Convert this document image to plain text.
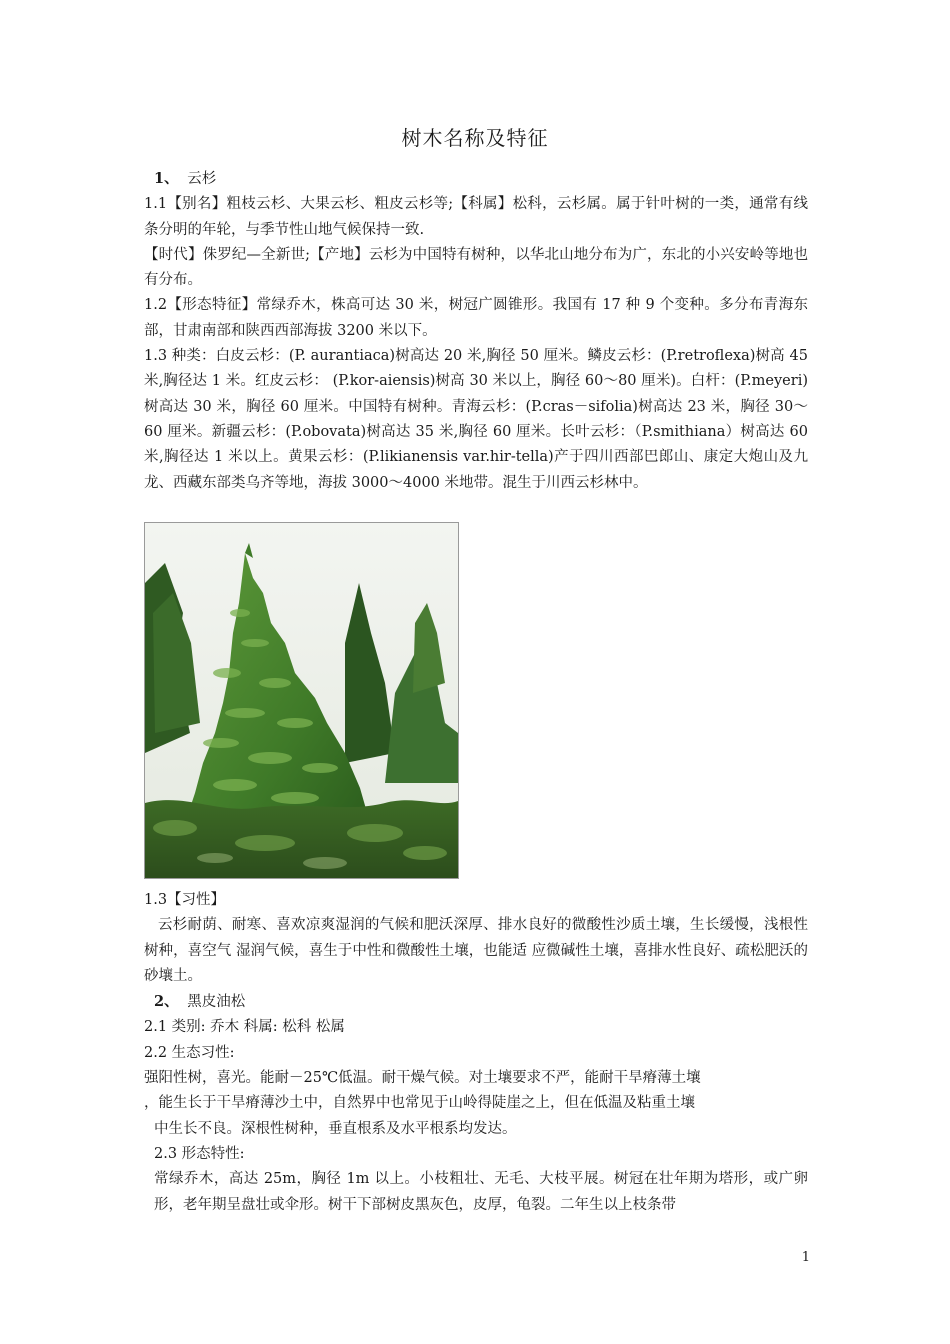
树木名称及特征

1、 云杉

1.1【别名】粗枝云杉、大果云杉、粗皮云杉等;【科属】松科，云杉属。属于针叶树的一类，通常有线条分明的年轮，与季节性山地气候保持一致.

【时代】侏罗纪—全新世;【产地】云杉为中国特有树种，以华北山地分布为广，东北的小兴安岭等地也有分布。

1.2【形态特征】常绿乔木，株高可达 30 米，树冠广圆锥形。我国有 17 种 9 个变种。多分布青海东部，甘肃南部和陕西西部海拔 3200 米以下。

1.3 种类：白皮云杉：(P. aurantiaca)树高达 20 米,胸径 50 厘米。鳞皮云杉：(P.retroflexa)树高 45 米,胸径达 1 米。红皮云杉： (P.kor-aiensis)树高 30 米以上，胸径 60～80 厘米)。白杆：(P.meyeri)树高达 30 米，胸径 60 厘米。中国特有树种。青海云杉：(P.cras－sifolia)树高达 23 米，胸径 30～60 厘米。新疆云杉：(P.obovata)树高达 35 米,胸径 60 厘米。长叶云杉：（P.smithiana）树高达 60 米,胸径达 1 米以上。黄果云杉：(P.likianensis var.hir-tella)产于四川西部巴郎山、康定大炮山及九龙、西藏东部类乌齐等地，海拔 3000～4000 米地带。混生于川西云杉林中。

1.3【习性】

云杉耐荫、耐寒、喜欢凉爽湿润的气候和肥沃深厚、排水良好的微酸性沙质土壤，生长缓慢，浅根性树种，喜空气 湿润气候，喜生于中性和微酸性土壤，也能适 应微碱性土壤，喜排水性良好、疏松肥沃的砂壤土。

2、 黑皮油松

2.1 类别: 乔木 科属: 松科 松属

2.2 生态习性:

强阳性树，喜光。能耐－25℃低温。耐干燥气候。对土壤要求不严，能耐干旱瘠薄土壤

，能生长于干旱瘠薄沙土中，自然界中也常见于山岭得陡崖之上，但在低温及粘重土壤

中生长不良。深根性树种，垂直根系及水平根系均发达。

2.3 形态特性:

常绿乔木，高达 25m，胸径 1m 以上。小枝粗壮、无毛、大枝平展。树冠在壮年期为塔形，或广卵形，老年期呈盘壮或伞形。树干下部树皮黑灰色，皮厚，龟裂。二年生以上枝条带

1
